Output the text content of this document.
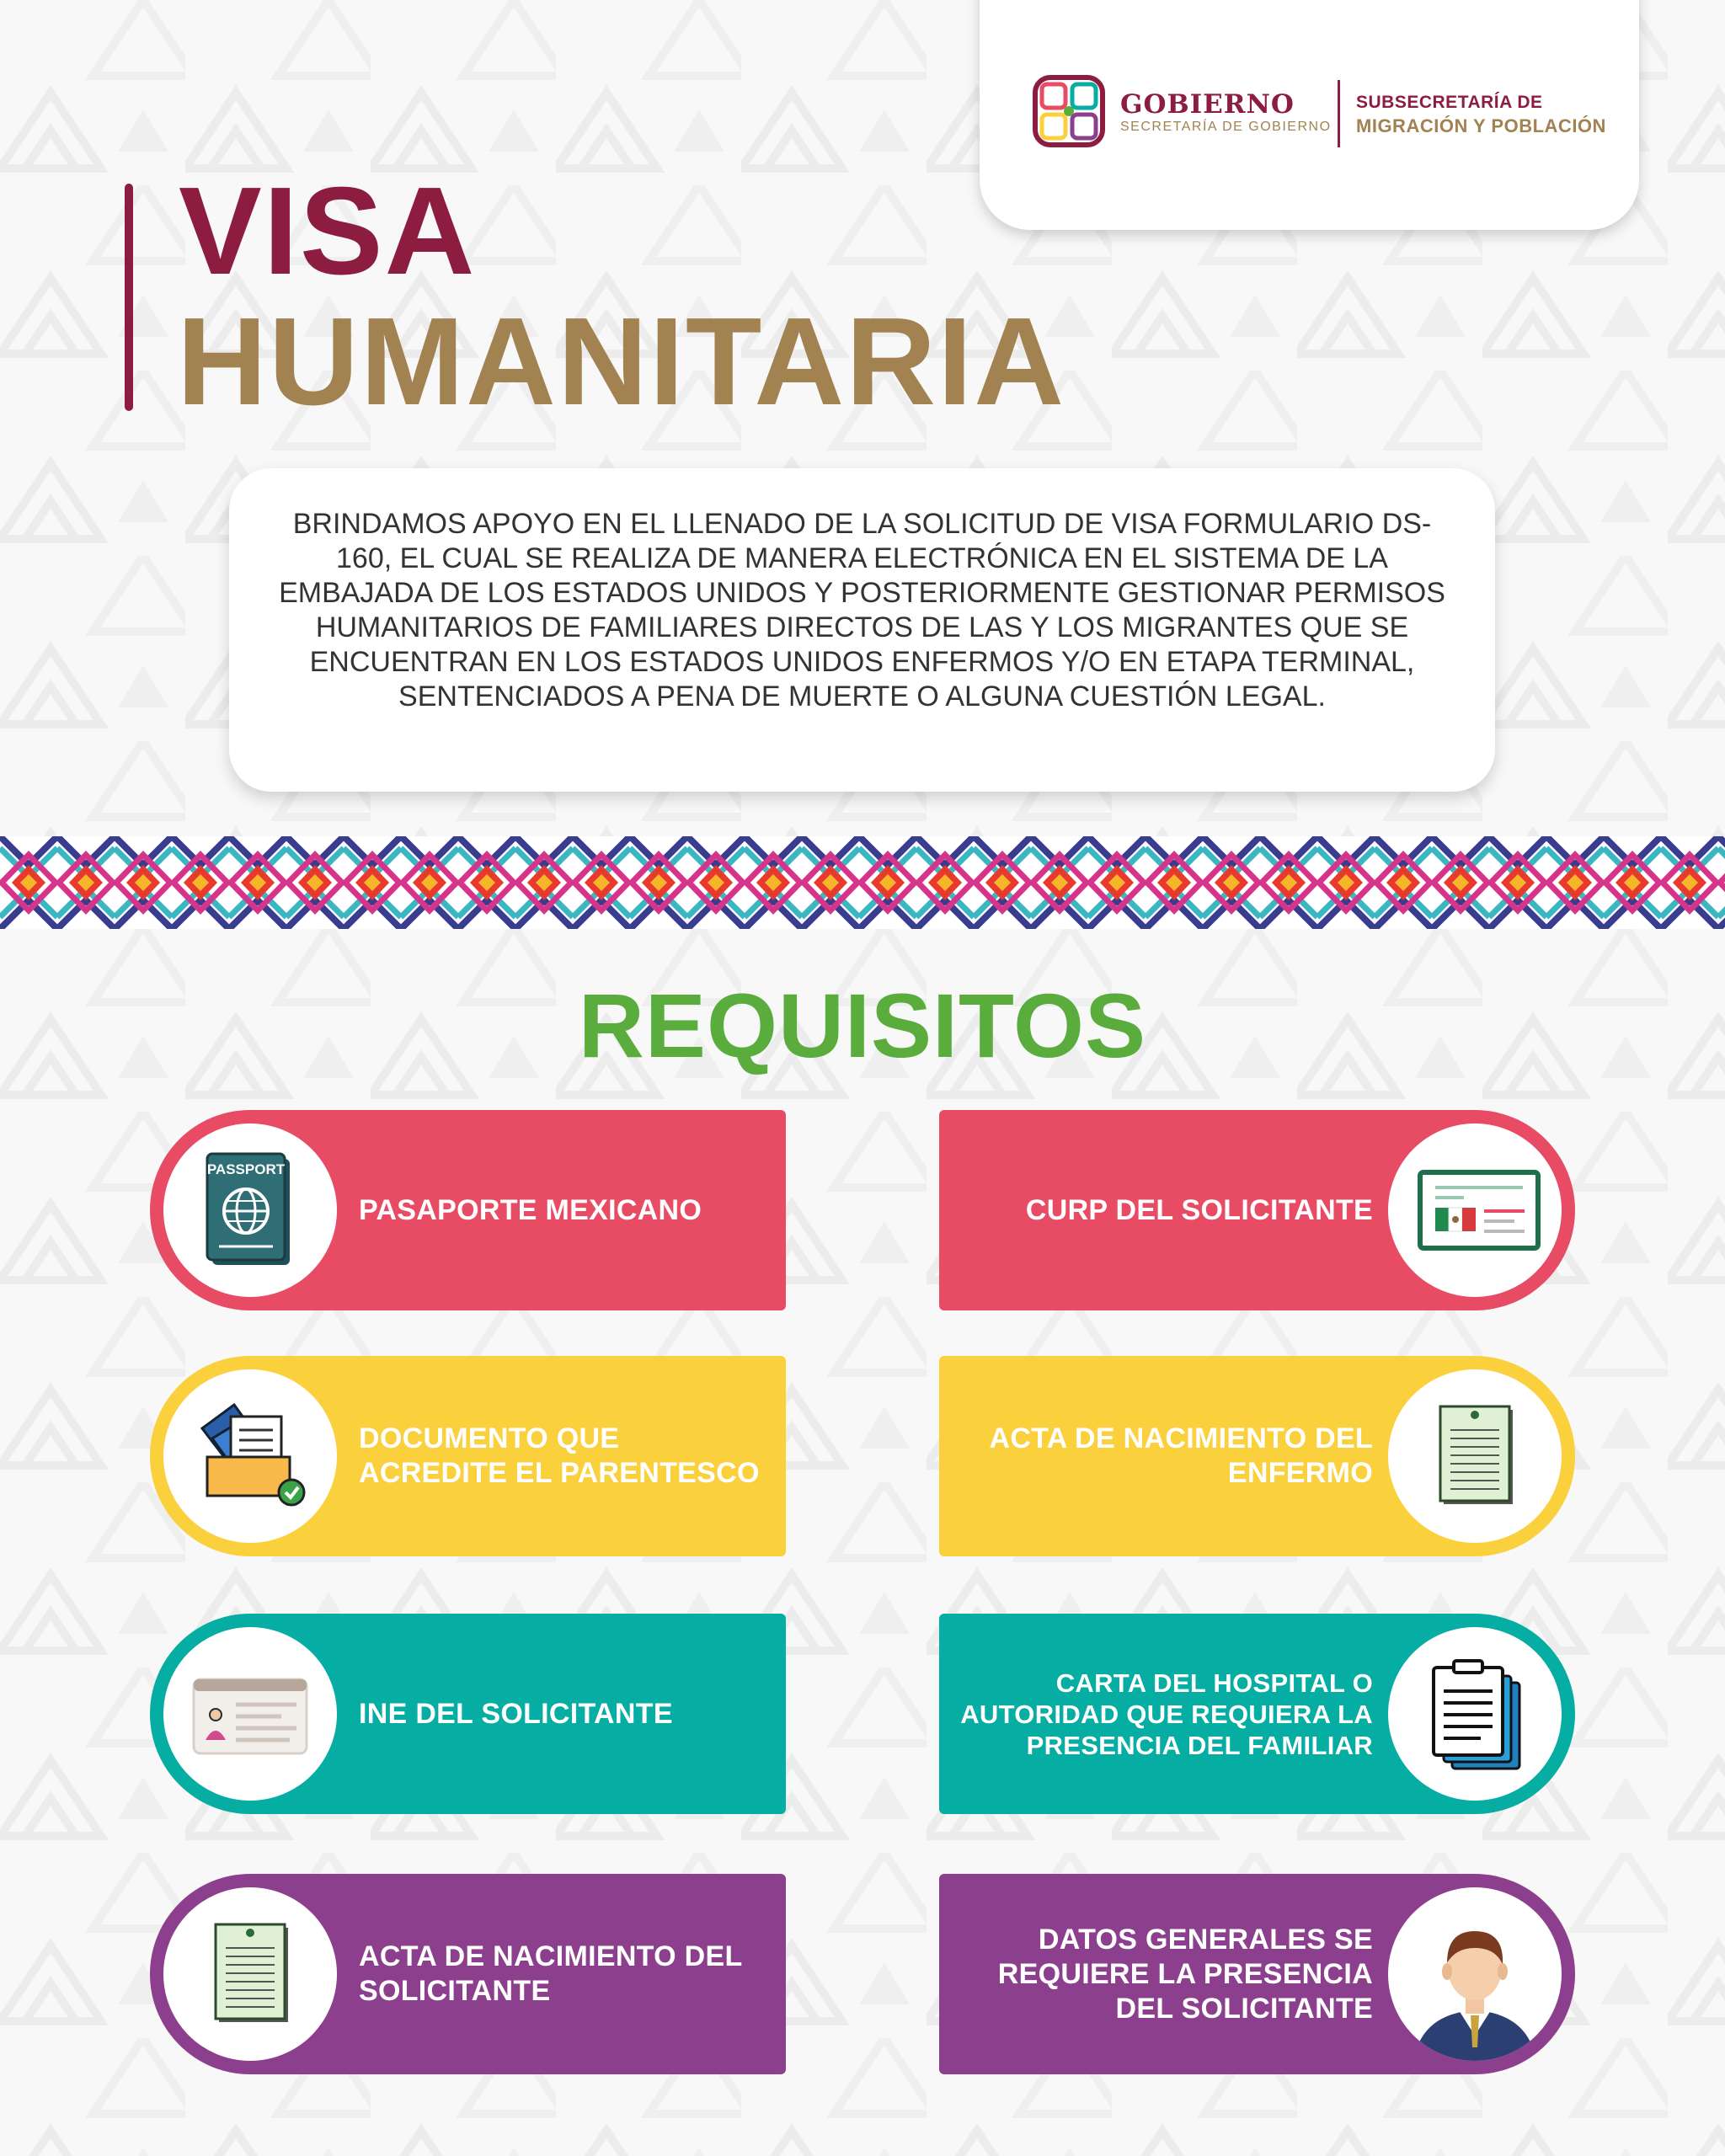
GOBIERNO
SECRETARÍA DE GOBIERNO
SUBSECRETARÍA DE
MIGRACIÓN Y POBLACIÓN
VISA
HUMANITARIA
BRINDAMOS APOYO EN EL LLENADO DE LA SOLICITUD DE VISA FORMULARIO DS- 160, EL CUAL SE REALIZA DE MANERA ELECTRÓNICA EN EL SISTEMA DE LA EMBAJADA DE LOS ESTADOS UNIDOS Y POSTERIORMENTE GESTIONAR PERMISOS HUMANITARIOS DE FAMILIARES DIRECTOS DE LAS Y LOS MIGRANTES QUE SE ENCUENTRAN EN LOS ESTADOS UNIDOS ENFERMOS Y/O EN ETAPA TERMINAL, SENTENCIADOS A PENA DE MUERTE O ALGUNA CUESTIÓN LEGAL.
REQUISITOS
PASSPORT
PASAPORTE MEXICANO	CURP DEL SOLICITANTE
DOCUMENTO QUE ACREDITE EL PARENTESCO
ACTA DE NACIMIENTO DEL ENFERMO
INE DEL SOLICITANTE
CARTA DEL HOSPITAL O AUTORIDAD QUE REQUIERA LA PRESENCIA DEL FAMILIAR
ACTA DE NACIMIENTO DEL SOLICITANTE
DATOS GENERALES SE REQUIERE LA PRESENCIA DEL SOLICITANTE
